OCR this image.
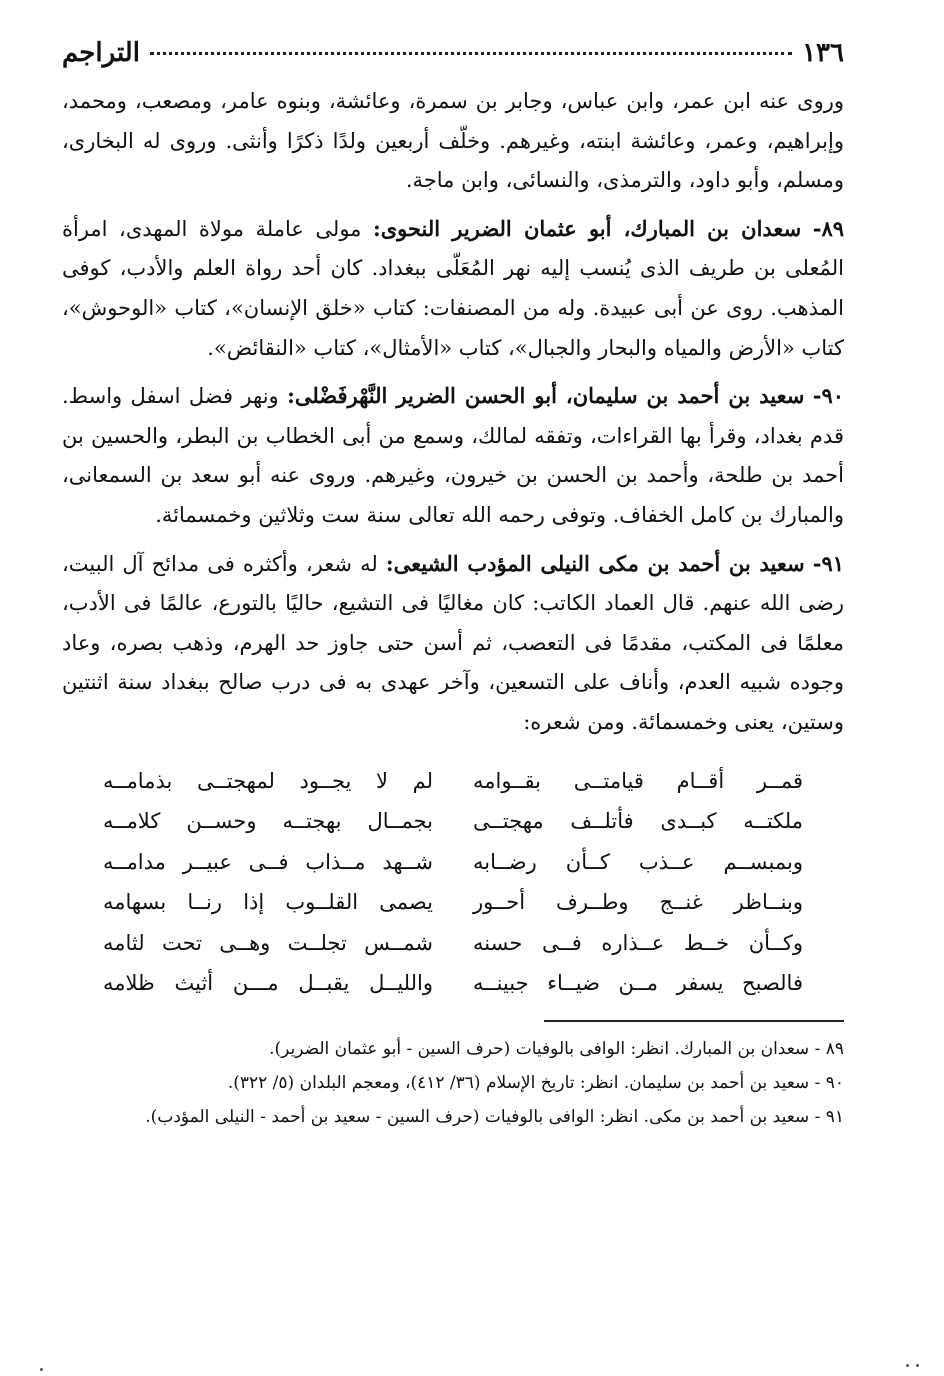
١٣٦
التراجم

وروى عنه ابن عمر، وابن عباس، وجابر بن سمرة، وعائشة، وبنوه عامر، ومصعب، ومحمد، وإبراهيم، وعمر، وعائشة ابنته، وغيرهم. وخلّف أربعين ولدًا ذكرًا وأنثى. وروى له البخارى، ومسلم، وأبو داود، والترمذى، والنسائى، وابن ماجة.

٨٩- سعدان بن المبارك، أبو عثمان الضرير النحوى: مولى عاملة مولاة المهدى، امرأة المُعلى بن طريف الذى يُنسب إليه نهر المُعَلّى ببغداد. كان أحد رواة العلم والأدب، كوفى المذهب. روى عن أبى عبيدة. وله من المصنفات: كتاب «خلق الإنسان»، كتاب «الوحوش»، كتاب «الأرض والمياه والبحار والجبال»، كتاب «الأمثال»، كتاب «النقائض».

٩٠- سعيد بن أحمد بن سليمان، أبو الحسن الضرير النَّهْرفَضْلى: ونهر فضل اسفل واسط. قدم بغداد، وقرأ بها القراءات، وتفقه لمالك، وسمع من أبى الخطاب بن البطر، والحسين بن أحمد بن طلحة، وأحمد بن الحسن بن خيرون، وغيرهم. وروى عنه أبو سعد بن السمعانى، والمبارك بن كامل الخفاف. وتوفى رحمه الله تعالى سنة ست وثلاثين وخمسمائة.

٩١- سعيد بن أحمد بن مكى النيلى المؤدب الشيعى: له شعر، وأكثره فى مدائح آل البيت، رضى الله عنهم. قال العماد الكاتب: كان مغاليًا فى التشيع، حاليًا بالتورع، عالمًا فى الأدب، معلمًا فى المكتب، مقدمًا فى التعصب، ثم أسن حتى جاوز حد الهرم، وذهب بصره، وعاد وجوده شبيه العدم، وأناف على التسعين، وآخر عهدى به فى درب صالح ببغداد سنة اثنتين وستين، يعنى وخمسمائة. ومن شعره:

قمــر أقــام قيامتــى بقــوامه
لم لا يجــود لمهجتــى بذمامــه
ملكتــه كبــدى فأتلــف مهجتــى
بجمــال بهجتــه وحســن كلامــه
وبمبســم عــذب كــأن رضــابه
شــهد مــذاب فــى عبيــر مدامــه
وبنــاظر غنــج وطــرف أحــور
يصمى القلــوب إذا رنــا بسهامه
وكــأن خــط عــذاره فــى حسنه
شمــس تجلــت وهــى تحت لثامه
فالصبح يسفر مــن ضيــاء جبينــه
والليــل يقبــل مـــن أثيث ظلامه

٨٩ - سعدان بن المبارك. انظر: الوافى بالوفيات (حرف السين - أبو عثمان الضرير).

٩٠ - سعيد بن أحمد بن سليمان. انظر: تاريخ الإسلام (٣٦/ ٤١٢)، ومعجم البلدان (٥/ ٣٢٢).

٩١ - سعيد بن أحمد بن مكى. انظر: الوافى بالوفيات (حرف السين - سعيد بن أحمد - النيلى المؤدب).
